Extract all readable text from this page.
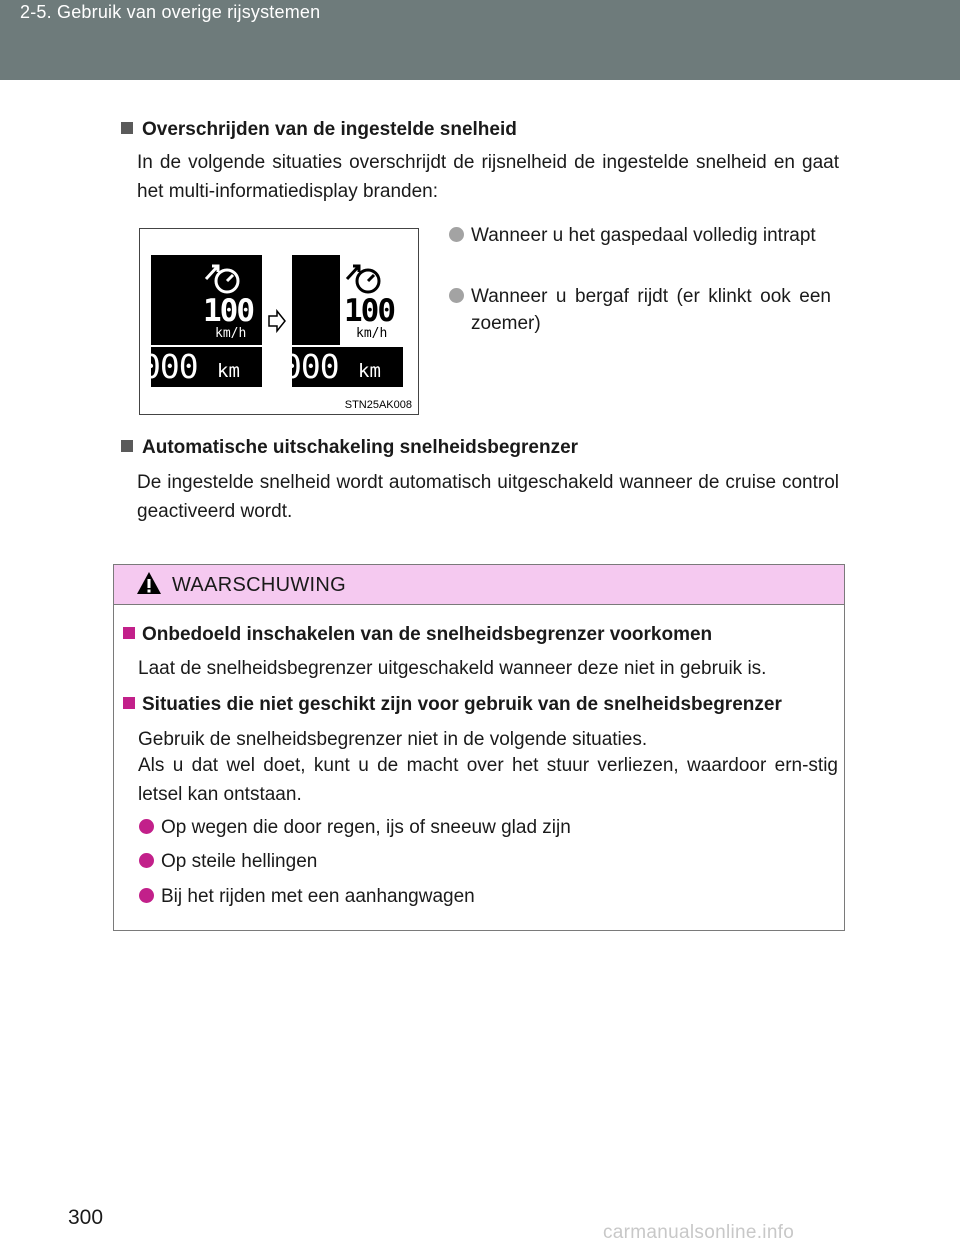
2-5. Gebruik van overige rijsystemen
Overschrijden van de ingestelde snelheid
In de volgende situaties overschrijdt de rijsnelheid de ingestelde snelheid en gaat het multi-informatiedisplay branden:
Wanneer u het gaspedaal volledig intrapt
Wanneer u bergaf rijdt (er klinkt ook een zoemer)
100
km/h
000 km
100
km/h
000 km
STN25AK008
Automatische uitschakeling snelheidsbegrenzer
De ingestelde snelheid wordt automatisch uitgeschakeld wanneer de cruise control geactiveerd wordt.
WAARSCHUWING
Onbedoeld inschakelen van de snelheidsbegrenzer voorkomen
Laat de snelheidsbegrenzer uitgeschakeld wanneer deze niet in gebruik is.
Situaties die niet geschikt zijn voor gebruik van de snelheidsbegrenzer
Gebruik de snelheidsbegrenzer niet in de volgende situaties.
Als u dat wel doet, kunt u de macht over het stuur verliezen, waardoor ern-stig letsel kan ontstaan.
Op wegen die door regen, ijs of sneeuw glad zijn
Op steile hellingen
Bij het rijden met een aanhangwagen
300
carmanualsonline.info
